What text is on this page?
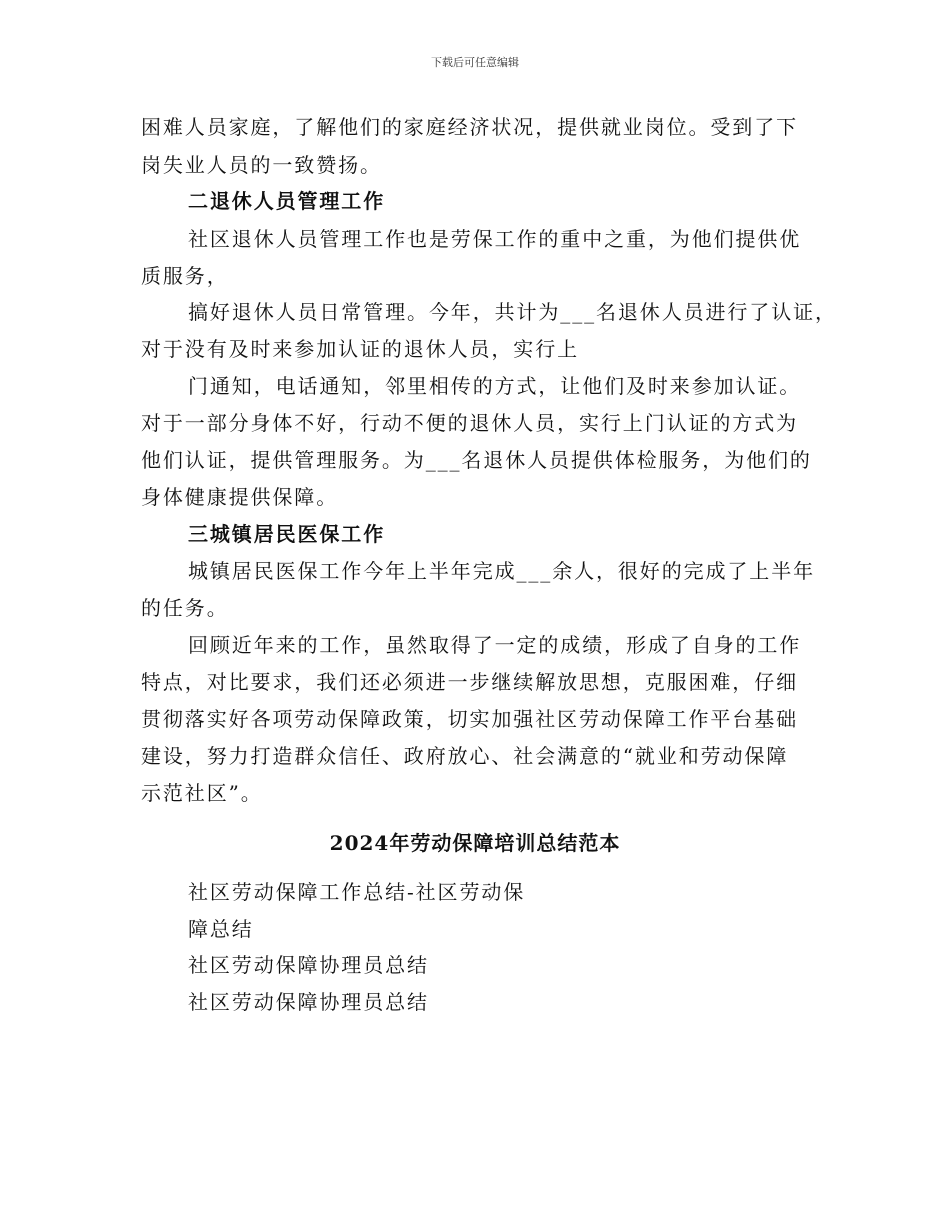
下载后可任意编辑
困难人员家庭，了解他们的家庭经济状况，提供就业岗位。受到了下
岗失业人员的一致赞扬。
二退休人员管理工作
社区退休人员管理工作也是劳保工作的重中之重，为他们提供优
质服务，
搞好退休人员日常管理。今年，共计为___名退休人员进行了认证，
对于没有及时来参加认证的退休人员，实行上
门通知，电话通知，邻里相传的方式，让他们及时来参加认证。
对于一部分身体不好，行动不便的退休人员，实行上门认证的方式为
他们认证，提供管理服务。为___名退休人员提供体检服务，为他们的
身体健康提供保障。
三城镇居民医保工作
城镇居民医保工作今年上半年完成___余人，很好的完成了上半年
的任务。
回顾近年来的工作，虽然取得了一定的成绩，形成了自身的工作
特点，对比要求，我们还必须进一步继续解放思想，克服困难，仔细
贯彻落实好各项劳动保障政策，切实加强社区劳动保障工作平台基础
建设，努力打造群众信任、政府放心、社会满意的“就业和劳动保障
示范社区”。
2024年劳动保障培训总结范本
社区劳动保障工作总结-社区劳动保
障总结
社区劳动保障协理员总结
社区劳动保障协理员总结
